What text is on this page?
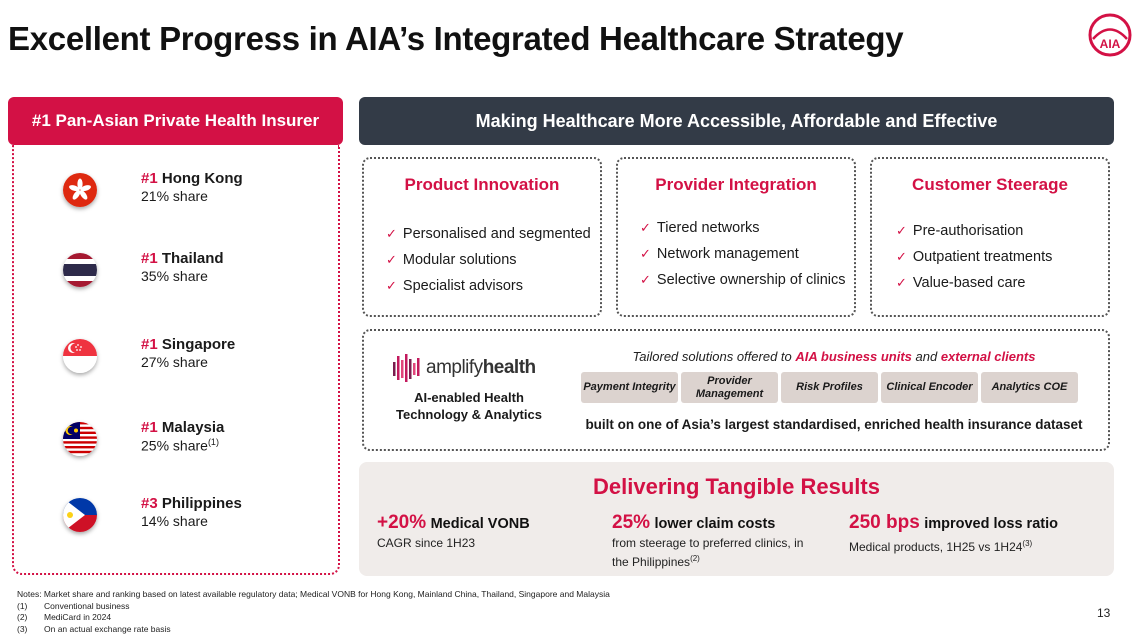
Excellent Progress in AIA’s Integrated Healthcare Strategy	AIA
#1 Pan-Asian Private Health Insurer
#1 Hong Kong
21% share
#1 Thailand
35% share
#1 Singapore
27% share
#1 Malaysia
25% share$^{(1)}$
#3 Philippines
14% share
Making Healthcare More Accessible, Affordable and Effective
Product Innovation
✓ Personalised and segmented
✓ Modular solutions
✓ Specialist advisors
Provider Integration
✓ Tiered networks
✓ Network management
✓ Selective ownership of clinics
Customer Steerage
✓ Pre-authorisation
✓ Outpatient treatments
✓ Value-based care
amplifyhealth
AI-enabled Health Technology & Analytics
Tailored solutions offered to AIA business units and external clients
Payment Integrity
Provider Management
Risk Profiles	Clinical Encoder	Analytics COE
built on one of Asia’s largest standardised, enriched health insurance dataset
Delivering Tangible Results
+20% Medical VONB
CAGR since 1H23
25% lower claim costs
from steerage to preferred clinics, in the Philippines$^{(2)}$
250 bps improved loss ratio
Medical products, 1H25 vs 1H24$^{(3)}$
Notes: Market share and ranking based on latest available regulatory data; Medical VONB for Hong Kong, Mainland China, Thailand, Singapore and Malaysia
(1) Conventional business
(2) MediCard in 2024
(3) On an actual exchange rate basis
13
